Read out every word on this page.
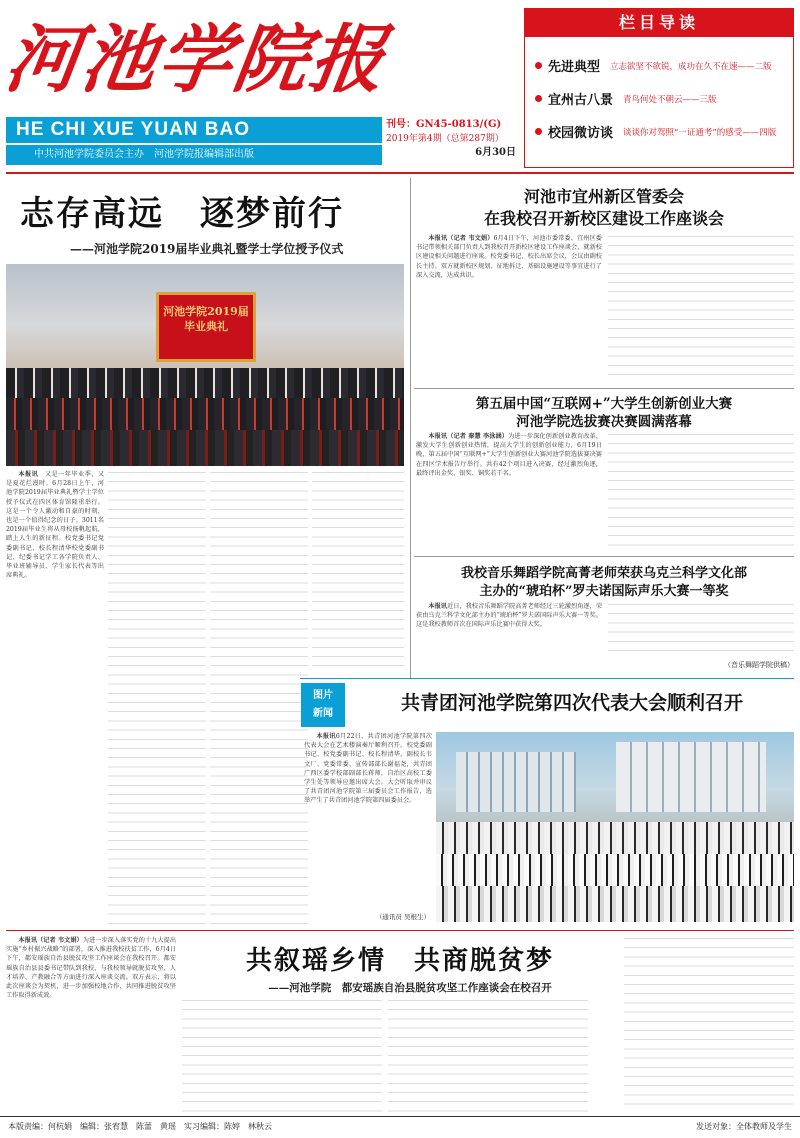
河池学院报
HE CHI XUE YUAN BAO
中共河池学院委员会主办　河池学院报编辑部出版
刊号：GN45-0813/(G)
2019年第4期（总第287期）
6月30日
栏目导读
先进典型 立志欲坚不欲锐，成功在久不在速——二版
宜州古八景 青鸟何处不朝云——三版
校园微访谈 谈谈你对驾照“一证通考”的感受——四版
志存高远　逐梦前行
——河池学院2019届毕业典礼暨学士学位授予仪式
河池学院2019届毕业典礼

本报讯　 又是一年毕业季，又是夏花烂漫时。6月28日上午，河池学院2019届毕业典礼暨学士学位授予仪式在四区体育馆隆重举行。这是一个令人激动和自豪的时刻，也是一个值得纪念的日子。3011名2019届毕业生将从母校扬帆起航，踏上人生的新征程。校党委书记党委副书记、校长程清华校党委副书记、纪委书记学工各学院负责人、毕业班辅导员、学生家长代表等出席典礼。

河池市宜州新区管委会
在我校召开新校区建设工作座谈会

本报讯（记者 韦文娟）6月4日下午，河池市委常委、宜州区委书记带领相关部门负责人到我校召开新校区建设工作座谈会，就新校区建设相关问题进行座谈。校党委书记、校长出席会议，会议由副校长主持。双方就新校区规划、征地拆迁、基础设施建设等事宜进行了深入交流，达成共识。

第五届中国“互联网+”大学生创新创业大赛
河池学院选拔赛决赛圆满落幕

本报讯（记者 秦慧 李泳涵）为进一步深化创新创业教育改革，激发大学生创新创业热情，提高大学生的创新创业能力，6月19日晚，第五届中国“互联网+”大学生创新创业大赛河池学院选拔赛决赛在四区学术报告厅举行。共有42个项目进入决赛，经过激烈角逐，最终评出金奖、银奖、铜奖若干名。

我校音乐舞蹈学院高菁老师荣获乌克兰科学文化部
主办的“琥珀杯”罗夫诺国际声乐大赛一等奖

本报讯近日，我校音乐舞蹈学院高菁老师经过三轮激烈角逐，荣获由乌克兰科学文化部主办的“琥珀杯”罗夫诺国际声乐大赛一等奖。这是我校教师首次在国际声乐比赛中获得大奖。

（音乐舞蹈学院供稿）
图片
新闻	共青团河池学院第四次代表大会顺利召开

本报讯6月22日，共青团河池学院第四次代表大会在艺术楼演奏厅顺利召开。校党委副书记、校党委副书记、校长程清华，副校长韦文厂、党委常委、宣传部部长谢福尧，共青团广西区委学校部副部长蒋师，自治区高校工委学生处等领导应邀出席大会。大会听取并审议了共青团河池学院第三届委员会工作报告，选举产生了共青团河池学院第四届委员会。

（通讯员 吴根生）

本报讯（记者 韦文娟）为进一步深入落实党的十九大提出实施“乡村振兴战略”的部署，深入推进我校扶贫工作，6月4日下午，都安瑶族自治县脱贫攻坚工作座谈会在我校召开。都安瑶族自治县县委书记带队到我校，与我校领导就脱贫攻坚、人才培养、产教融合等方面进行深入座谈交流。双方表示，将以此次座谈会为契机，进一步加强校地合作，共同推进脱贫攻坚工作取得新成效。

共叙瑶乡情　共商脱贫梦
——河池学院　都安瑶族自治县脱贫攻坚工作座谈会在校召开
本版责编：何杭娟　编辑：张宥慧　陈蕾　黄瑶　实习编辑：陈婷　林秋云	发送对象：全体教师及学生
